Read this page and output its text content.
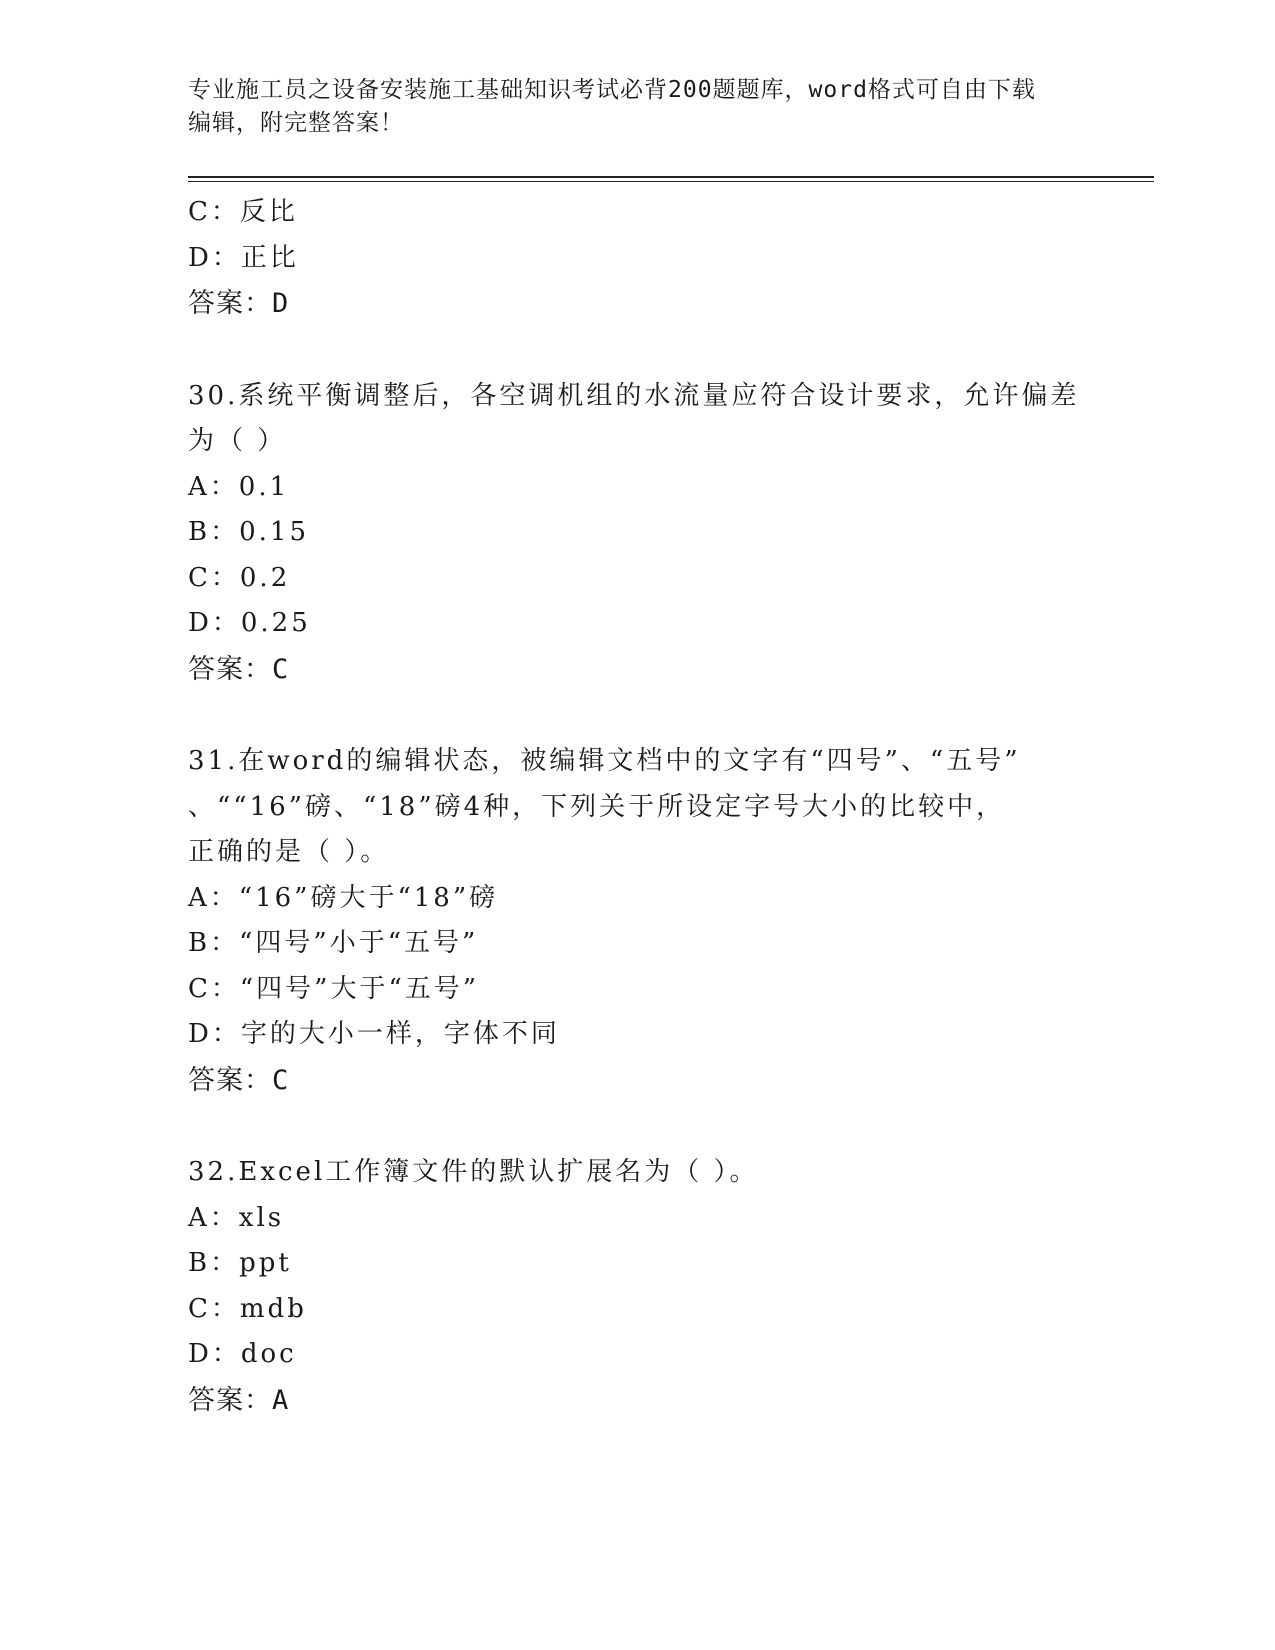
专业施工员之设备安装施工基础知识考试必背200题题库，word格式可自由下载
编辑，附完整答案！
C：反比
D：正比
答案：D
30.系统平衡调整后，各空调机组的水流量应符合设计要求，允许偏差
为（ ）
A：0.1
B：0.15
C：0.2
D：0.25
答案：C
31.在word的编辑状态，被编辑文档中的文字有“四号”、“五号”
、““16”磅、“18”磅4种，下列关于所设定字号大小的比较中，
正确的是（ ）。
A：“16”磅大于“18”磅
B：“四号”小于“五号”
C：“四号”大于“五号”
D：字的大小一样，字体不同
答案：C
32.Excel工作簿文件的默认扩展名为（ ）。
A：xls
B：ppt
C：mdb
D：doc
答案：A
